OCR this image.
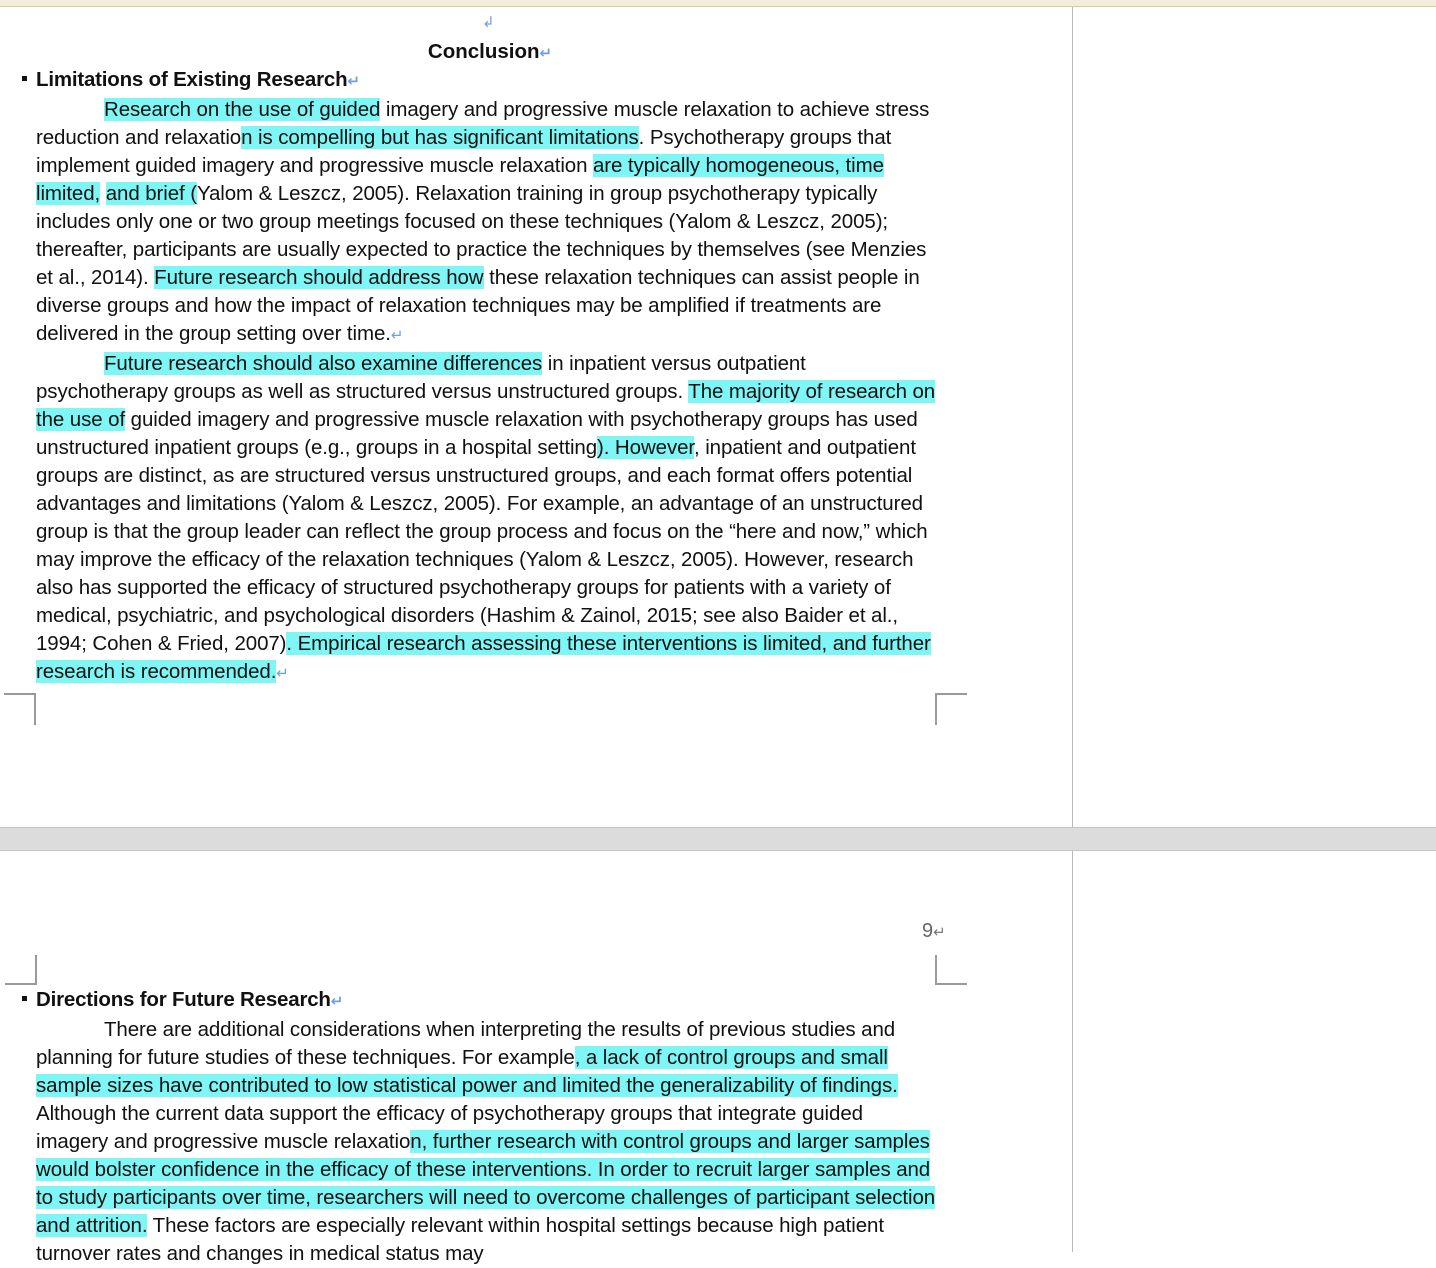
↲
Conclusion↵
Limitations of Existing Research↵

Research on the use of guided imagery and progressive muscle relaxation to achieve stress reduction and relaxation is compelling but has significant limitations. Psychotherapy groups that implement guided imagery and progressive muscle relaxation are typically homogeneous, time limited, and brief (Yalom & Leszcz, 2005). Relaxation training in group psychotherapy typically includes only one or two group meetings focused on these techniques (Yalom & Leszcz, 2005); thereafter, participants are usually expected to practice the techniques by themselves (see Menzies et al., 2014). Future research should address how these relaxation techniques can assist people in diverse groups and how the impact of relaxation techniques may be amplified if treatments are delivered in the group setting over time.↵

Future research should also examine differences in inpatient versus outpatient psychotherapy groups as well as structured versus unstructured groups. The majority of research on the use of guided imagery and progressive muscle relaxation with psychotherapy groups has used unstructured inpatient groups (e.g., groups in a hospital setting). However, inpatient and outpatient groups are distinct, as are structured versus unstructured groups, and each format offers potential advantages and limitations (Yalom & Leszcz, 2005). For example, an advantage of an unstructured group is that the group leader can reflect the group process and focus on the “here and now,” which may improve the efficacy of the relaxation techniques (Yalom & Leszcz, 2005). However, research also has supported the efficacy of structured psychotherapy groups for patients with a variety of medical, psychiatric, and psychological disorders (Hashim & Zainol, 2015; see also Baider et al., 1994; Cohen & Fried, 2007). Empirical research assessing these interventions is limited, and further research is recommended.↵

9↵
Directions for Future Research↵

There are additional considerations when interpreting the results of previous studies and planning for future studies of these techniques. For example, a lack of control groups and small sample sizes have contributed to low statistical power and limited the generalizability of findings. Although the current data support the efficacy of psychotherapy groups that integrate guided imagery and progressive muscle relaxation, further research with control groups and larger samples would bolster confidence in the efficacy of these interventions. In order to recruit larger samples and to study participants over time, researchers will need to overcome challenges of participant selection and attrition. These factors are especially relevant within hospital settings because high patient turnover rates and changes in medical status may
